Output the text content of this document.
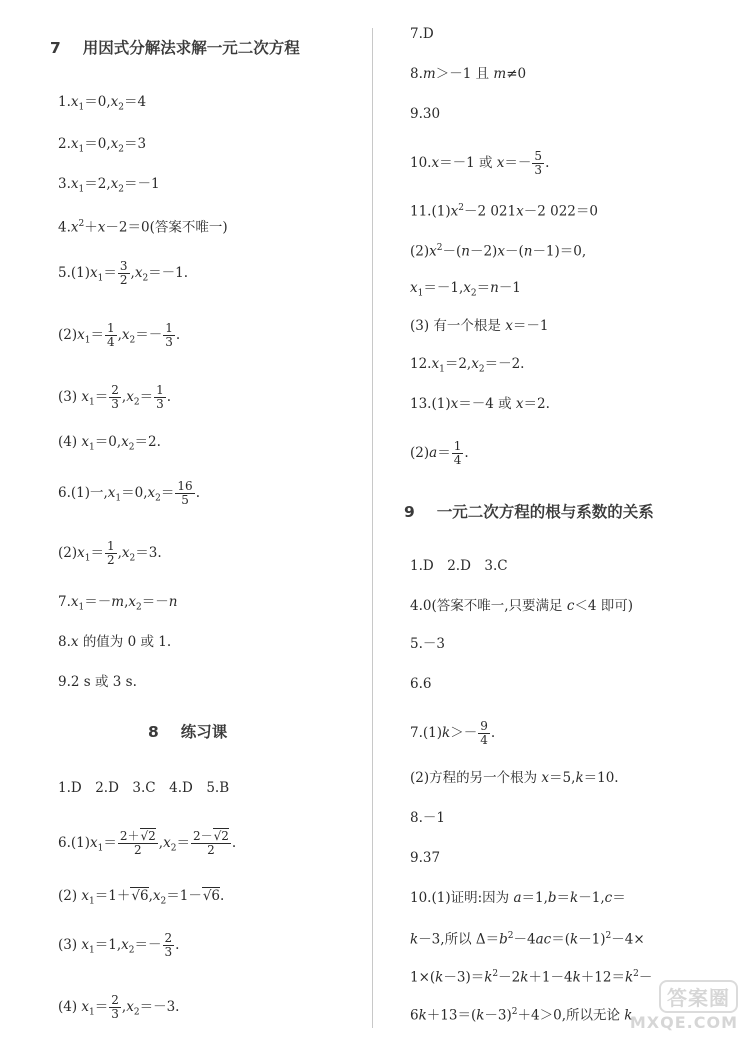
7 用因式分解法求解一元二次方程
$1.x_1=0,x_2=4$
$2.x_1=0,x_2=3$
$3.x_1=2,x_2=-1$
$4.x^2+x-2=0$(答案不唯一)
$5.(1)x_1= \frac{3}{2} ,x_2=-1$.
$(2)x_1= \frac{1}{4} ,x_2=- \frac{1}{3}$ .
(3) $x_1= \frac{2}{3} ,x_2= \frac{1}{3}$ .
(4) $x_1=0,x_2=2$.
6.(1)一$,x_1=0,x_2= \frac{16}{5}$ .
$(2)x_1= \frac{1}{2} ,x_2=3$.
$7.x_1=-m,x_2=-n$
8.x 的值为 0 或 1.
9.2 s 或 3 s.
8 练习课
1.D　2.D　3.C　4.D　5.B
$6.(1)x_1= \frac{2+√2}{2} ,x_2= \frac{2-√2}{2}$ .
(2) $x_1=1+√6,x_2=1-√6$.
(3) $x_1=1,x_2=- \frac{2}{3}$ .
(4) $x_1= \frac{2}{3} ,x_2=-3$.
7.D
8.m＞－1 且 m≠0
9.30
10.x＝－1 或 $x=- \frac{5}{3}$ .
$11.(1)x^2-2$ 021x－2 022＝0
$(2)x^2-(n-2)x-(n-1)=0$,
$x_1=-1,x_2=n-1$
(3) 有一个根是 x＝－1
$12.x_1=2,x_2=-2$.
13.(1)x＝－4 或 x＝2.
$(2)a= \frac{1}{4}$ .
9 一元二次方程的根与系数的关系
1.D　2.D　3.C
4.0(答案不唯一,只要满足 c＜4 即可)
5.－3
6.6
$7.(1)k>- \frac{9}{4}$ .
(2)方程的另一个根为 x＝5,k＝10.
8.－1
9.37
10.(1)证明:因为 a＝1,b＝k－1,c＝
k－3,所以 $\Delta=b^2-4ac=(k-1)^2-4\times$
$1\times(k-3)=k^2-2k+1-4k+12=k^2-$
$6k+13=(k-3)^2+4>0$,所以无论 k
答案圈
MXQE.COM
